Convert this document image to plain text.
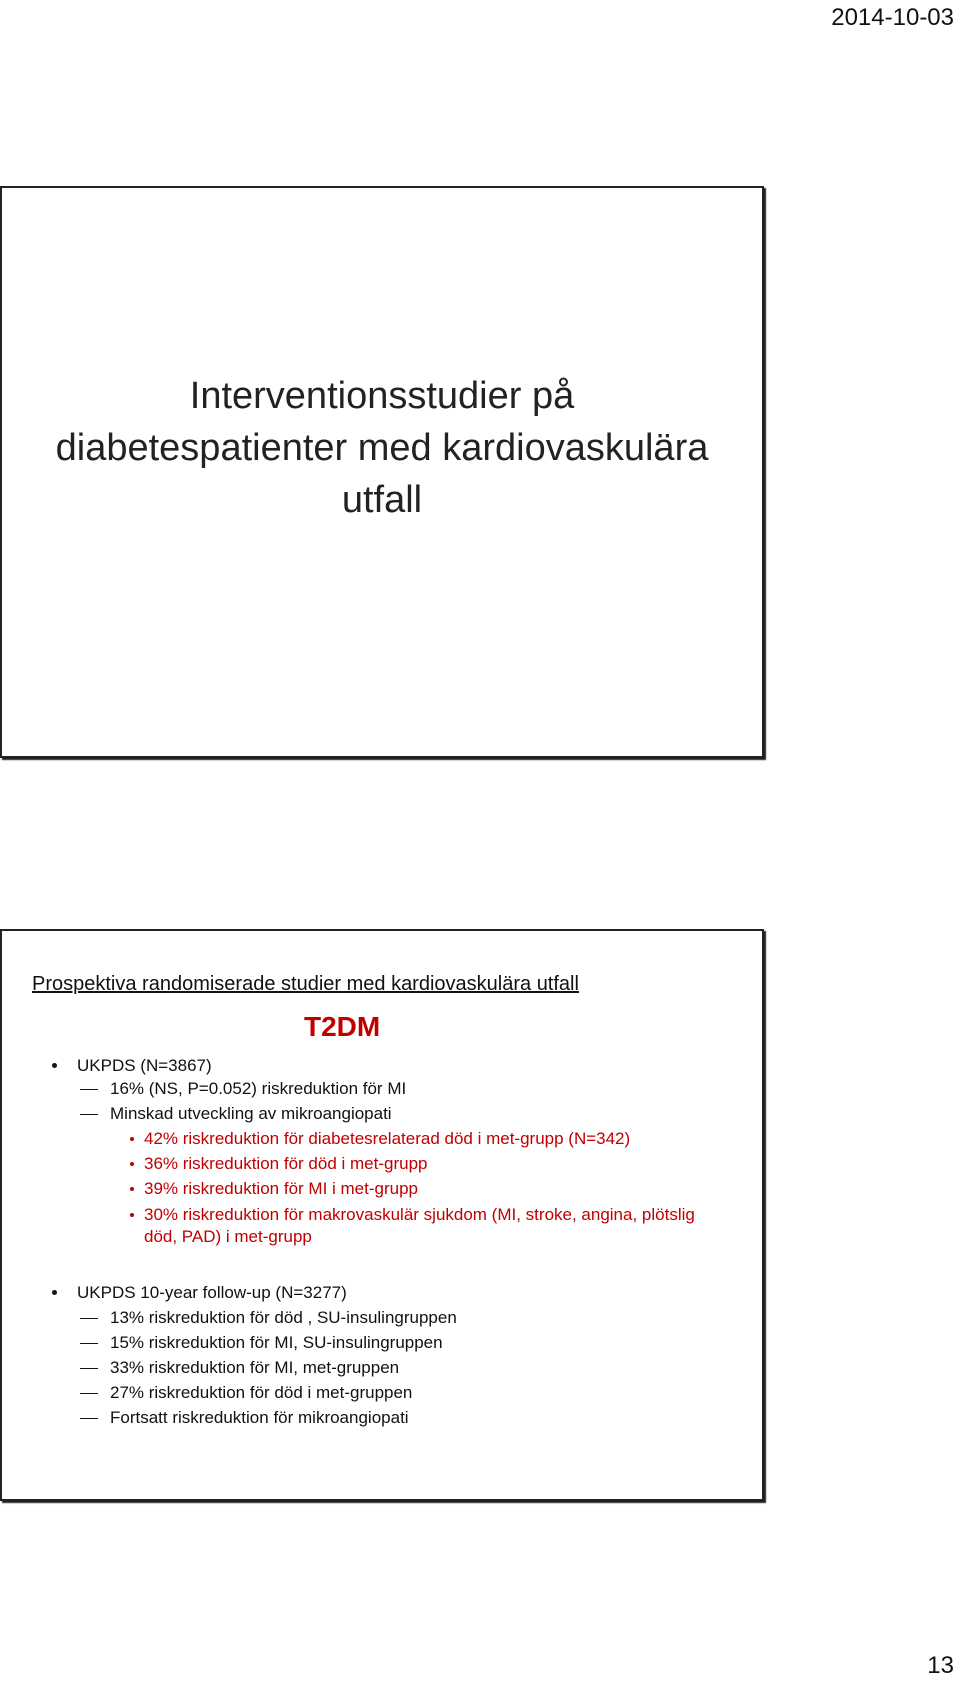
2014-10-03
Interventionsstudier på
diabetespatienter med kardiovaskulära
utfall
Prospektiva randomiserade studier med kardiovaskulära utfall
T2DM
UKPDS (N=3867)
16% (NS, P=0.052) riskreduktion för MI
Minskad utveckling av mikroangiopati
42% riskreduktion för diabetesrelaterad död i met-grupp (N=342)
36% riskreduktion för död i met-grupp
39% riskreduktion för MI i met-grupp
30% riskreduktion för makrovaskulär sjukdom (MI, stroke, angina, plötslig
död, PAD) i met-grupp
UKPDS 10-year follow-up (N=3277)
13% riskreduktion för död , SU-insulingruppen
15% riskreduktion för MI, SU-insulingruppen
33% riskreduktion för MI, met-gruppen
27% riskreduktion för död i met-gruppen
Fortsatt riskreduktion för mikroangiopati
13
